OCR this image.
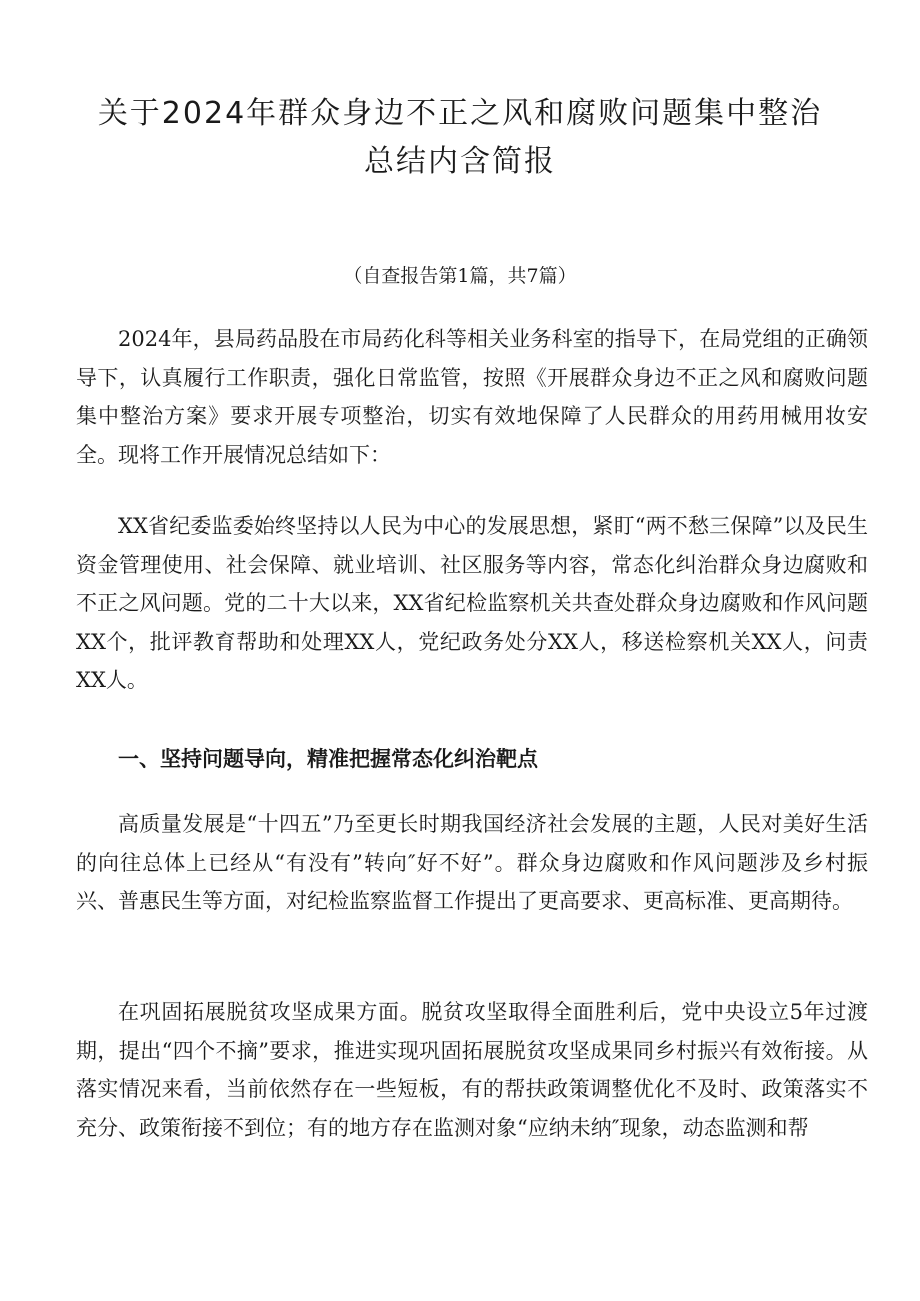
关于2024年群众身边不正之风和腐败问题集中整治
总结内含简报
（自查报告第1篇，共7篇）

2024年，县局药品股在市局药化科等相关业务科室的指导下，在局党组的正确领导下，认真履行工作职责，强化日常监管，按照《开展群众身边不正之风和腐败问题集中整治方案》要求开展专项整治，切实有效地保障了人民群众的用药用械用妆安全。现将工作开展情况总结如下：

XX省纪委监委始终坚持以人民为中心的发展思想，紧盯“两不愁三保障”以及民生资金管理使用、社会保障、就业培训、社区服务等内容，常态化纠治群众身边腐败和不正之风问题。党的二十大以来，XX省纪检监察机关共查处群众身边腐败和作风问题XX个，批评教育帮助和处理XX人，党纪政务处分XX人，移送检察机关XX人，问责XX人。

一、坚持问题导向，精准把握常态化纠治靶点

高质量发展是“十四五”乃至更长时期我国经济社会发展的主题，人民对美好生活的向往总体上已经从“有没有”转向″好不好”。群众身边腐败和作风问题涉及乡村振兴、普惠民生等方面，对纪检监察监督工作提出了更高要求、更高标准、更高期待。

在巩固拓展脱贫攻坚成果方面。脱贫攻坚取得全面胜利后，党中央设立5年过渡期，提出“四个不摘”要求，推进实现巩固拓展脱贫攻坚成果同乡村振兴有效衔接。从落实情况来看，当前依然存在一些短板，有的帮扶政策调整优化不及时、政策落实不充分、政策衔接不到位；有的地方存在监测对象“应纳未纳″现象，动态监测和帮
